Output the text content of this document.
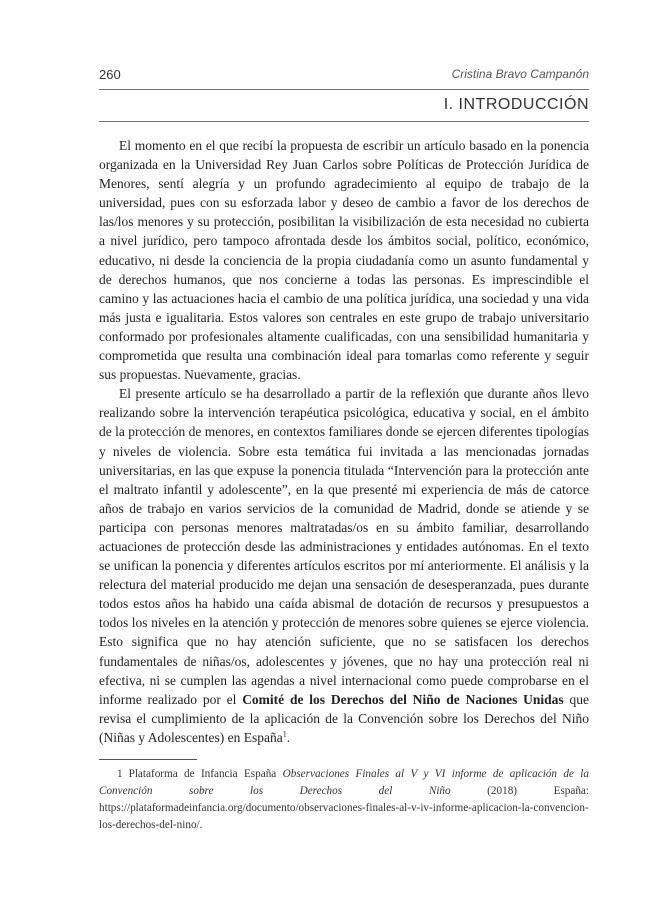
260	Cristina Bravo Campanón
I. INTRODUCCIÓN

El momento en el que recibí la propuesta de escribir un artículo basado en la ponencia organizada en la Universidad Rey Juan Carlos sobre Políticas de Protección Jurídica de Menores, sentí alegría y un profundo agradecimiento al equipo de trabajo de la universidad, pues con su esforzada labor y deseo de cambio a favor de los derechos de las/los menores y su protección, posibilitan la visibilización de esta necesidad no cubierta a nivel jurídico, pero tampoco afrontada desde los ámbitos social, político, económico, educativo, ni desde la conciencia de la propia ciudadanía como un asunto fundamental y de derechos humanos, que nos concierne a todas las personas. Es imprescindible el camino y las actuaciones hacia el cambio de una política jurídica, una sociedad y una vida más justa e igualitaria. Estos valores son centrales en este grupo de trabajo universitario conformado por profesionales altamente cualificadas, con una sensibilidad humanitaria y comprometida que resulta una combinación ideal para tomarlas como referente y seguir sus propuestas. Nuevamente, gracias.

El presente artículo se ha desarrollado a partir de la reflexión que durante años llevo realizando sobre la intervención terapéutica psicológica, educativa y social, en el ámbito de la protección de menores, en contextos familiares donde se ejercen diferentes tipologías y niveles de violencia. Sobre esta temática fui invitada a las mencionadas jornadas universitarias, en las que expuse la ponencia titulada “Intervención para la protección ante el maltrato infantil y adolescente”, en la que presenté mi experiencia de más de catorce años de trabajo en varios servicios de la comunidad de Madrid, donde se atiende y se participa con personas menores maltratadas/os en su ámbito familiar, desarrollando actuaciones de protección desde las administraciones y entidades autónomas. En el texto se unifican la ponencia y diferentes artículos escritos por mí anteriormente. El análisis y la relectura del material producido me dejan una sensación de desesperanzada, pues durante todos estos años ha habido una caída abismal de dotación de recursos y presupuestos a todos los niveles en la atención y protección de menores sobre quienes se ejerce violencia. Esto significa que no hay atención suficiente, que no se satisfacen los derechos fundamentales de niñas/os, adolescentes y jóvenes, que no hay una protección real ni efectiva, ni se cumplen las agendas a nivel internacional como puede comprobarse en el informe realizado por el Comité de los Derechos del Niño de Naciones Unidas que revisa el cumplimiento de la aplicación de la Convención sobre los Derechos del Niño (Niñas y Adolescentes) en España$^1$.

1 Plataforma de Infancia España Observaciones Finales al V y VI informe de aplicación de la Convención sobre los Derechos del Niño (2018) España: https://plataformadeinfancia.org/documento/observaciones-finales-al-v-iv-informe-aplicacion-la-convencion-los-derechos-del-nino/.
